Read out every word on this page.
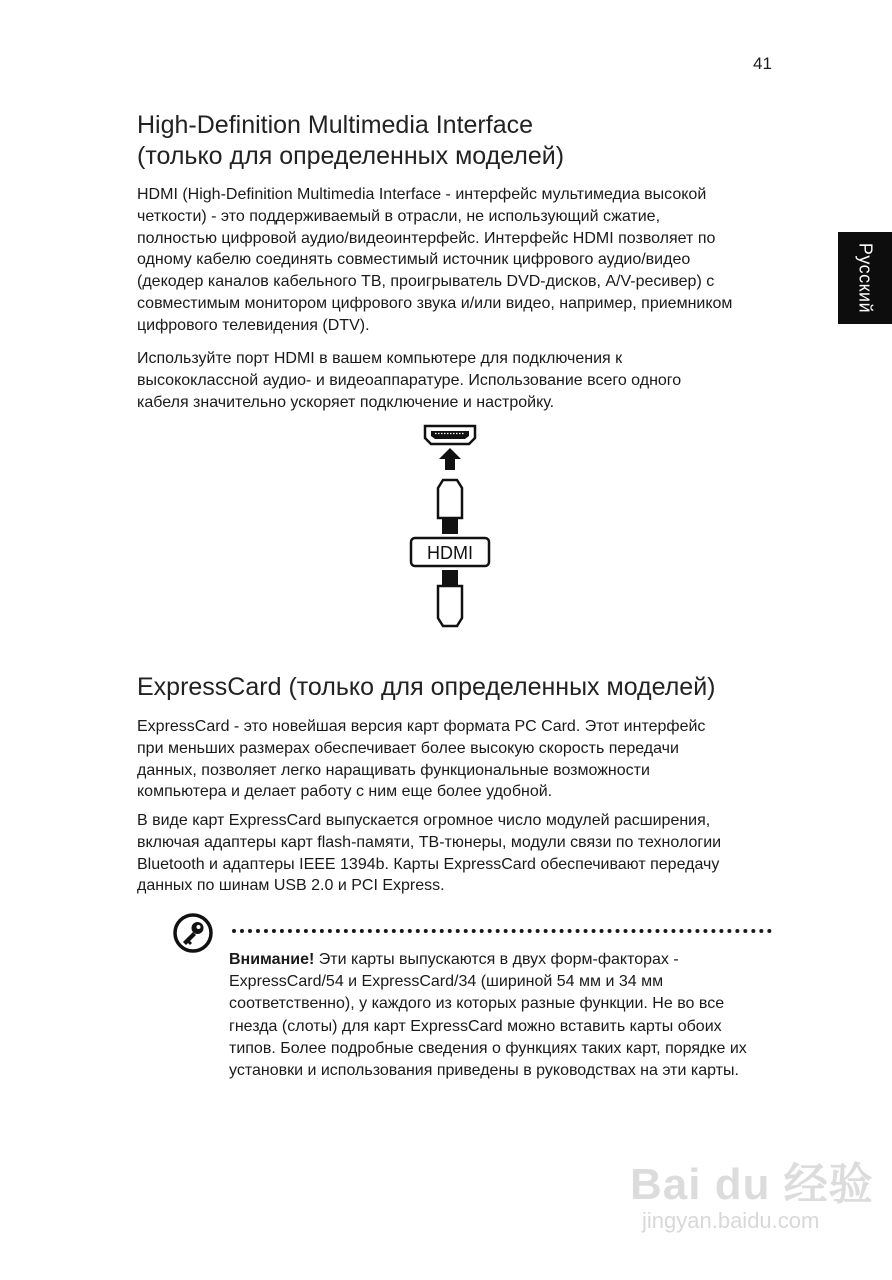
41
Русский
High-Definition Multimedia Interface
(только для определенных моделей)

HDMI (High-Definition Multimedia Interface - интерфейс мультимедиа высокой
четкости) - это поддерживаемый в отрасли, не использующий сжатие,
полностью цифровой аудио/видеоинтерфейс. Интерфейс HDMI позволяет по
одному кабелю соединять совместимый источник цифрового аудио/видео
(декодер каналов кабельного ТВ, проигрыватель DVD-дисков, A/V-ресивер) с
совместимым монитором цифрового звука и/или видео, например, приемником
цифрового телевидения (DTV).

Используйте порт HDMI в вашем компьютере для подключения к
высококлассной аудио- и видеоаппаратуре. Использование всего одного
кабеля значительно ускоряет подключение и настройку.

HDMI
ExpressCard (только для определенных моделей)

ExpressCard - это новейшая версия карт формата PC Card. Этот интерфейс
при меньших размерах обеспечивает более высокую скорость передачи
данных, позволяет легко наращивать функциональные возможности
компьютера и делает работу с ним еще более удобной.

В виде карт ExpressCard выпускается огромное число модулей расширения,
включая адаптеры карт flash-памяти, ТВ-тюнеры, модули связи по технологии
Bluetooth и адаптеры IEEE 1394b. Карты ExpressCard обеспечивают передачу
данных по шинам USB 2.0 и PCI Express.

Внимание! Эти карты выпускаются в двух форм-факторах -
ExpressCard/54 и ExpressCard/34 (шириной 54 мм и 34 мм
соответственно), у каждого из которых разные функции. Не во все
гнезда (слоты) для карт ExpressCard можно вставить карты обоих
типов. Более подробные сведения о функциях таких карт, порядке их
установки и использования приведены в руководствах на эти карты.

Bai du 经验
jingyan.baidu.com
